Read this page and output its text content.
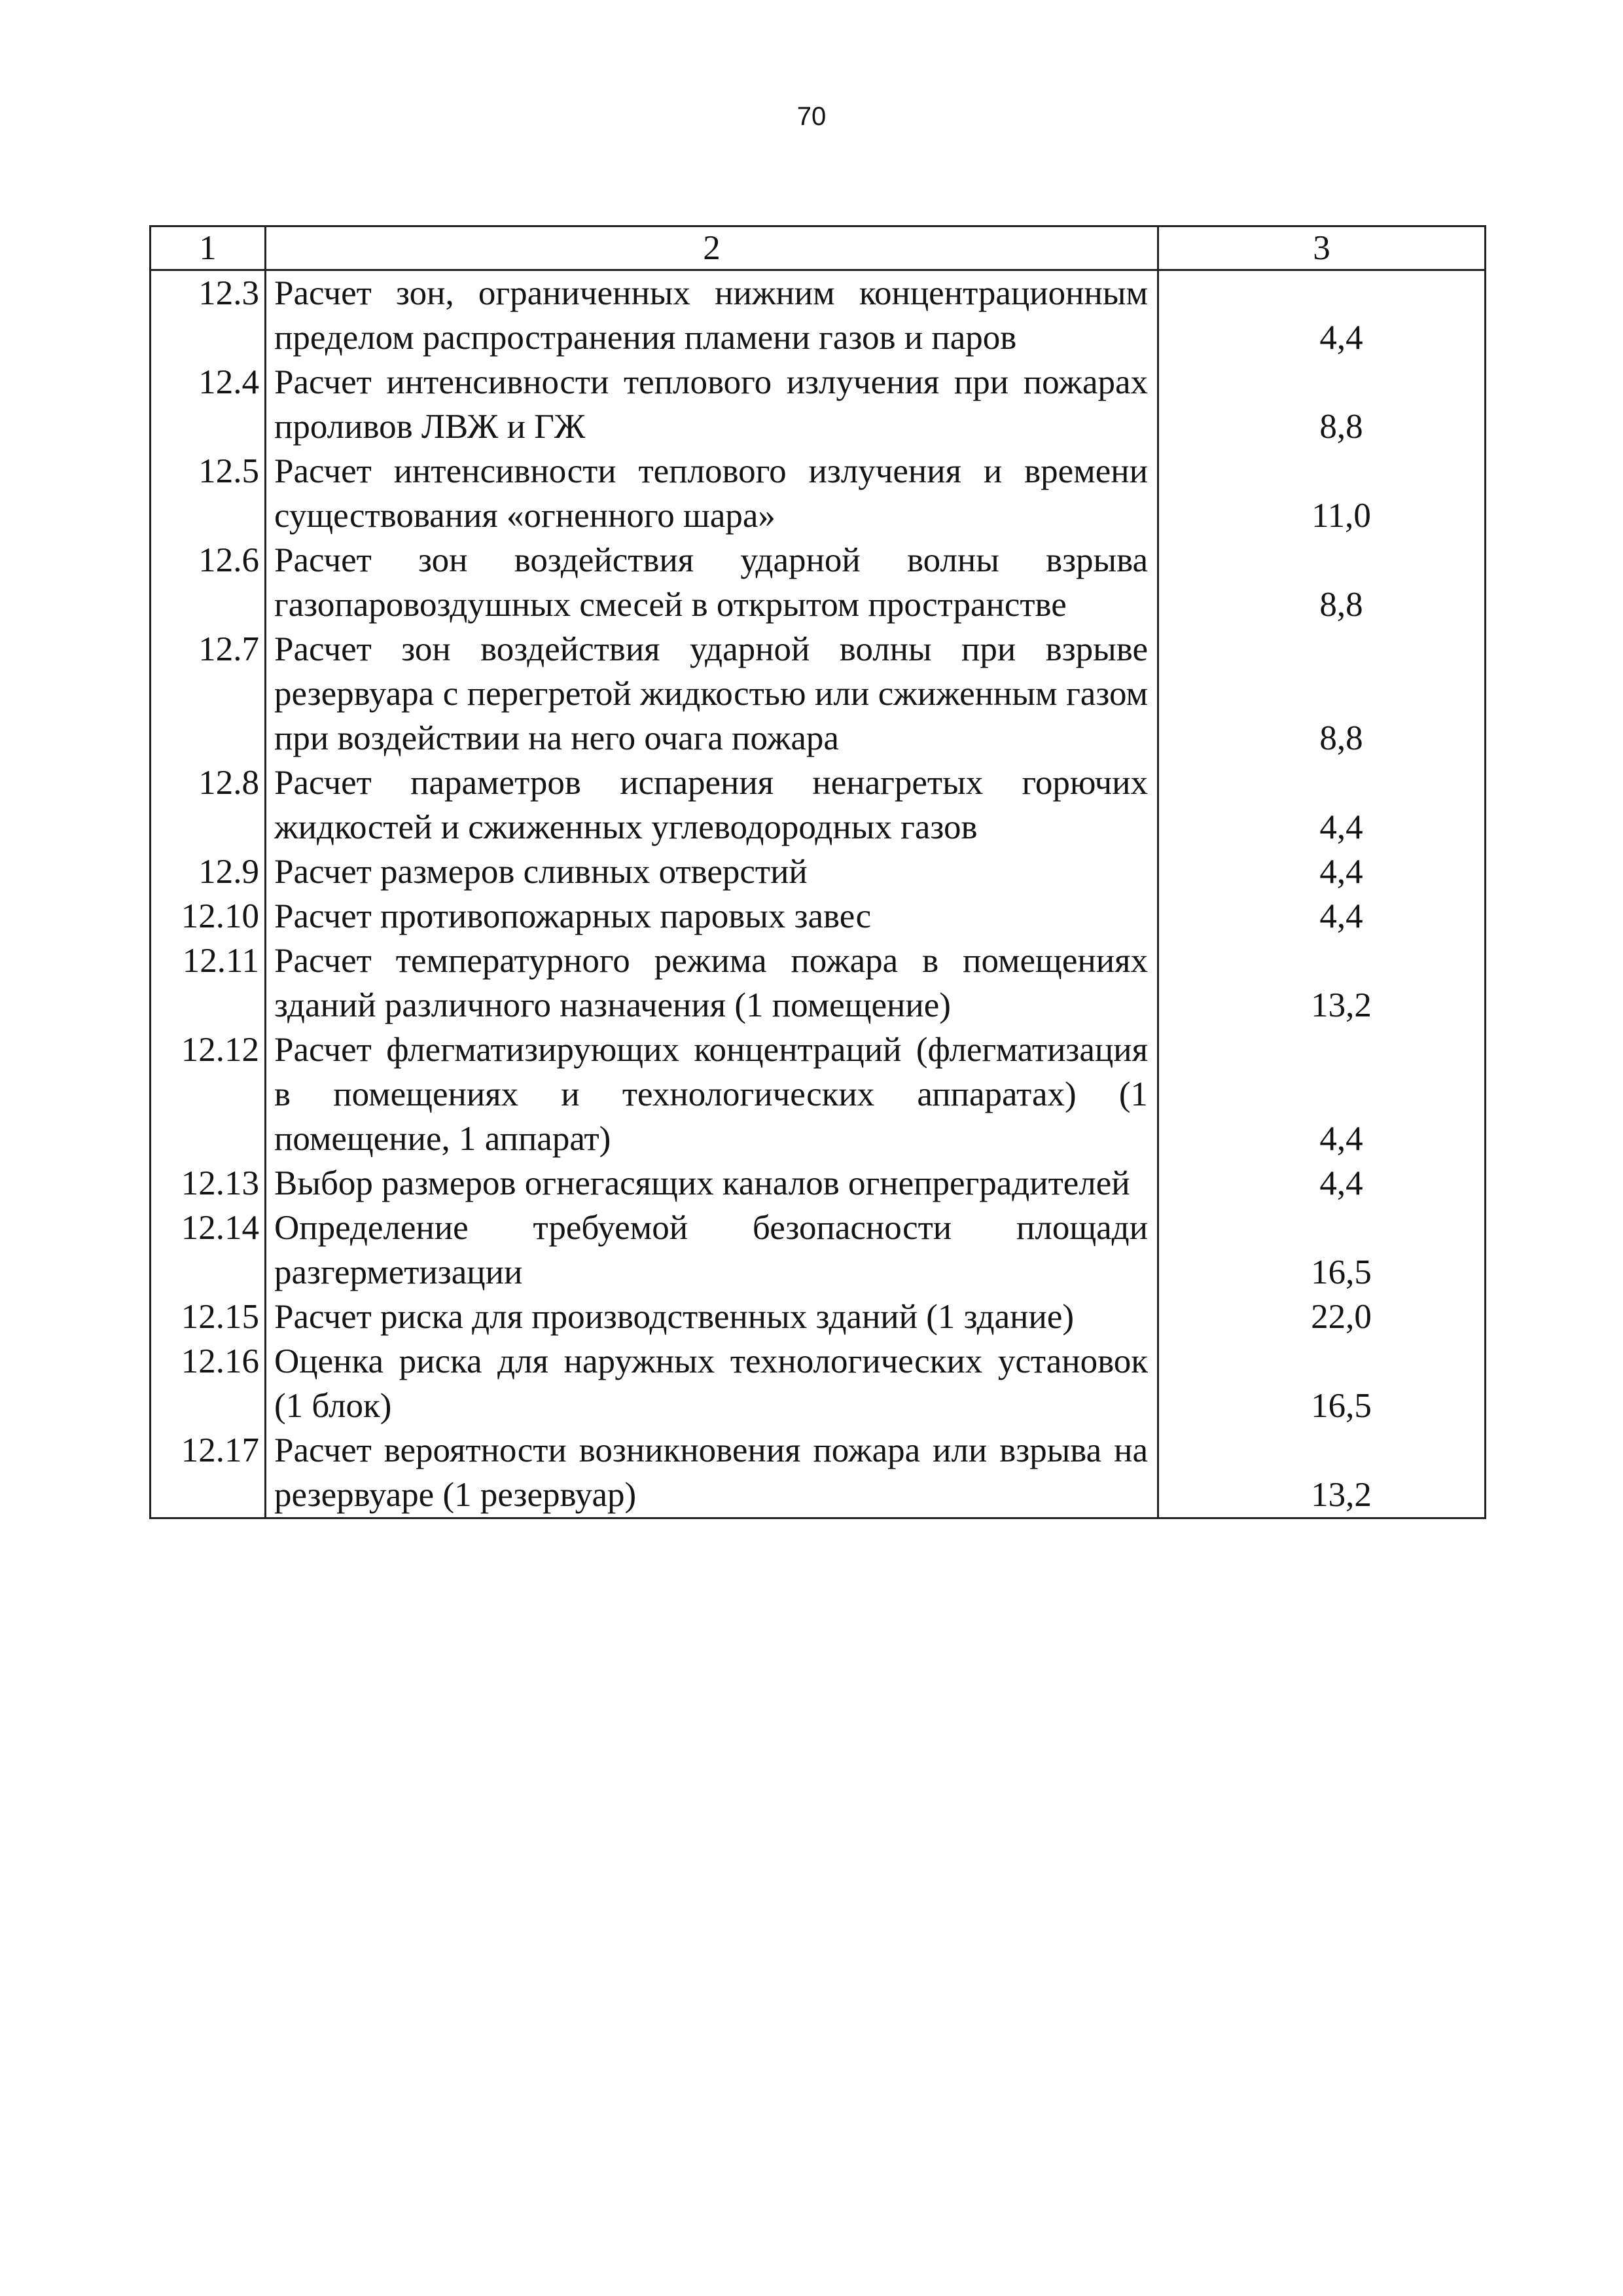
70
1	2	3
12.3	Расчет зон, ограниченных нижним концентрационным пределом распространения пламени газов и паров	4,4
12.4	Расчет интенсивности теплового излучения при пожарах проливов ЛВЖ и ГЖ	8,8
12.5	Расчет интенсивности теплового излучения и времени существования «огненного шара»	11,0
12.6	Расчет зон воздействия ударной волны взрыва газопаровоздушных смесей в открытом пространстве	8,8
12.7	Расчет зон воздействия ударной волны при взрыве резервуара с перегретой жидкостью или сжиженным газом при воздействии на него очага пожара	8,8
12.8	Расчет параметров испарения ненагретых горючих жидкостей и сжиженных углеводородных газов	4,4
12.9	Расчет размеров сливных отверстий	4,4
12.10	Расчет противопожарных паровых завес	4,4
12.11	Расчет температурного режима пожара в помещениях зданий различного назначения (1 помещение)	13,2
12.12	Расчет флегматизирующих концентраций (флегматизация в помещениях и технологических аппаратах) (1 помещение, 1 аппарат)	4,4
12.13	Выбор размеров огнегасящих каналов огнепреградителей	4,4
12.14	Определение требуемой безопасности площади разгерметизации	16,5
12.15	Расчет риска для производственных зданий (1 здание)	22,0
12.16	Оценка риска для наружных технологических установок (1 блок)	16,5
12.17	Расчет вероятности возникновения пожара или взрыва на резервуаре (1 резервуар)	13,2
